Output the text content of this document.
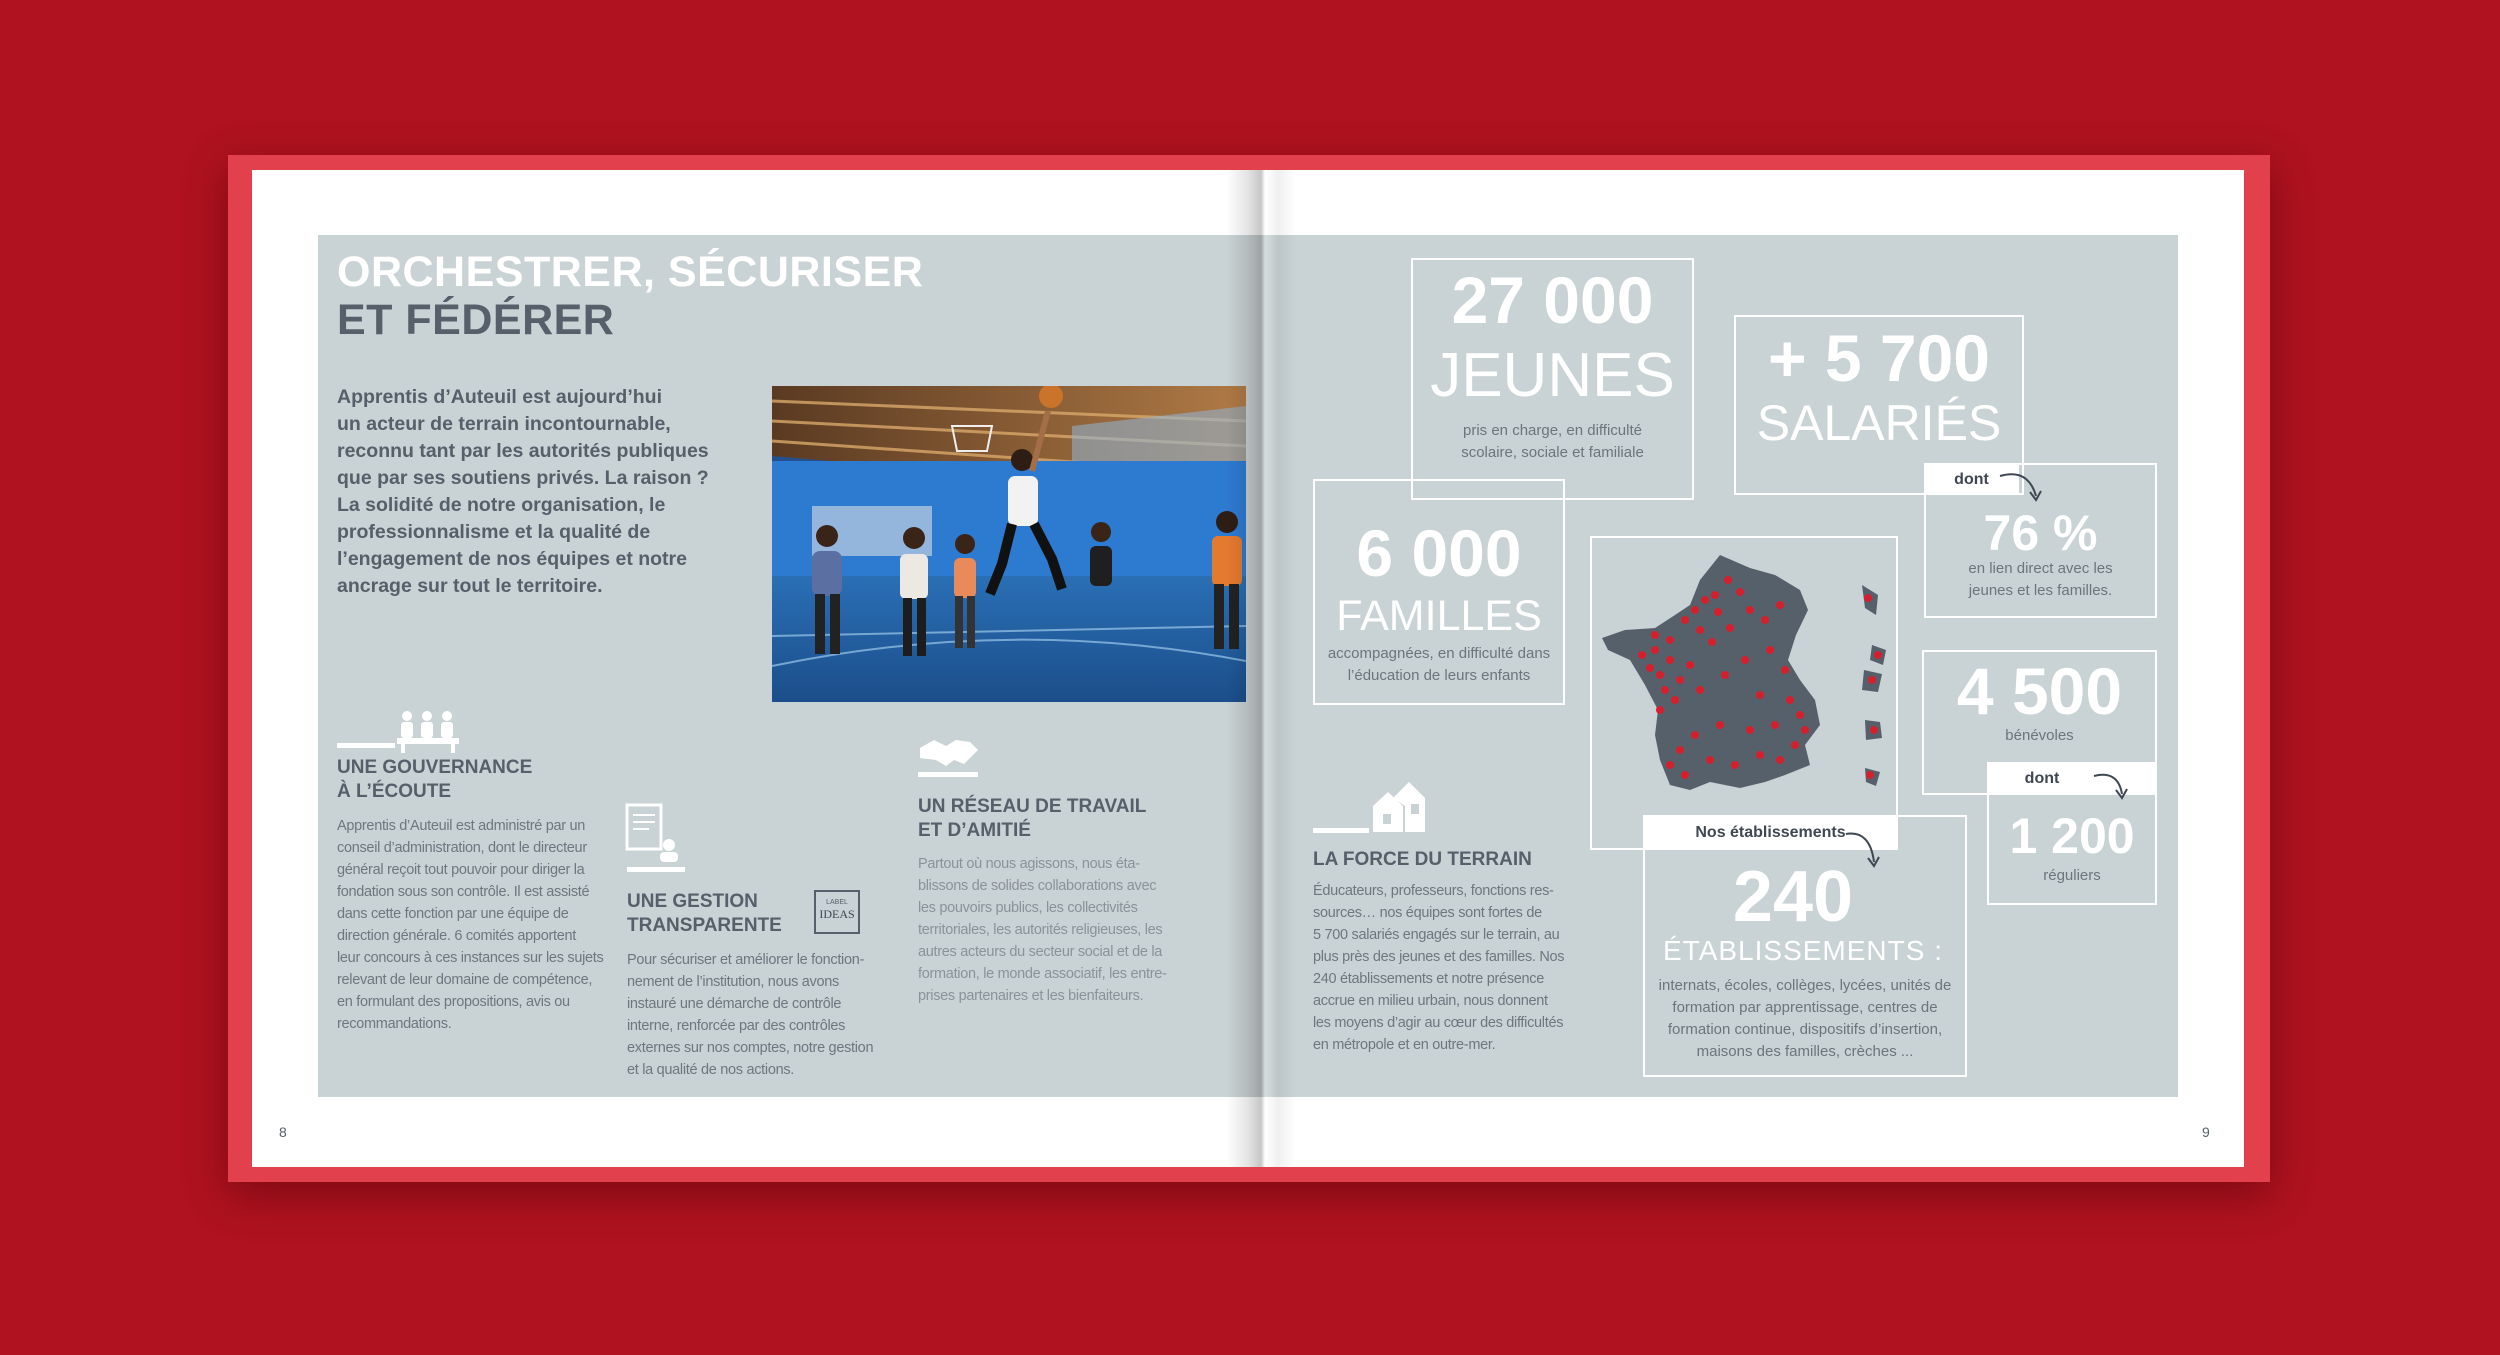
ORCHESTRER, SÉCURISER
ET FÉDÉRER
Apprentis d’Auteuil est aujourd’hui
un acteur de terrain incontournable,
reconnu tant par les autorités publiques
que par ses soutiens privés. La raison ?
La solidité de notre organisation, le
professionnalisme et la qualité de
l’engagement de nos équipes et notre
ancrage sur tout le territoire.
UNE GOUVERNANCE
À L’ÉCOUTE
Apprentis d’Auteuil est administré par un
conseil d’administration, dont le directeur
général reçoit tout pouvoir pour diriger la
fondation sous son contrôle. Il est assisté
dans cette fonction par une équipe de
direction générale. 6 comités apportent
leur concours à ces instances sur les sujets
relevant de leur domaine de compétence,
en formulant des propositions, avis ou
recommandations.
UNE GESTION
TRANSPARENTE
LABEL
IDEAS
Pour sécuriser et améliorer le fonction-
nement de l’institution, nous avons
instauré une démarche de contrôle
interne, renforcée par des contrôles
externes sur nos comptes, notre gestion
et la qualité de nos actions.
UN RÉSEAU DE TRAVAIL
ET D’AMITIÉ
Partout où nous agissons, nous éta-
blissons de solides collaborations avec
les pouvoirs publics, les collectivités
territoriales, les autorités religieuses, les
autres acteurs du secteur social et de la
formation, le monde associatif, les entre-
prises partenaires et les bienfaiteurs.
8
27 000
JEUNES
pris en charge, en difficulté
scolaire, sociale et familiale
+ 5 700
SALARIÉS
dont
76 %
en lien direct avec les
jeunes et les familles.
6 000
FAMILLES
accompagnées, en difficulté dans
l’éducation de leurs enfants	4 500
bénévoles
dont
1 200
réguliers
Nos établissements
240
ÉTABLISSEMENTS :
internats, écoles, collèges, lycées, unités de
formation par apprentissage, centres de
formation continue, dispositifs d’insertion,
maisons des familles, crèches ...
LA FORCE DU TERRAIN
Éducateurs, professeurs, fonctions res-
sources… nos équipes sont fortes de
5 700 salariés engagés sur le terrain, au
plus près des jeunes et des familles. Nos
240 établissements et notre présence
accrue en milieu urbain, nous donnent
les moyens d’agir au cœur des difficultés
en métropole et en outre-mer.
9
